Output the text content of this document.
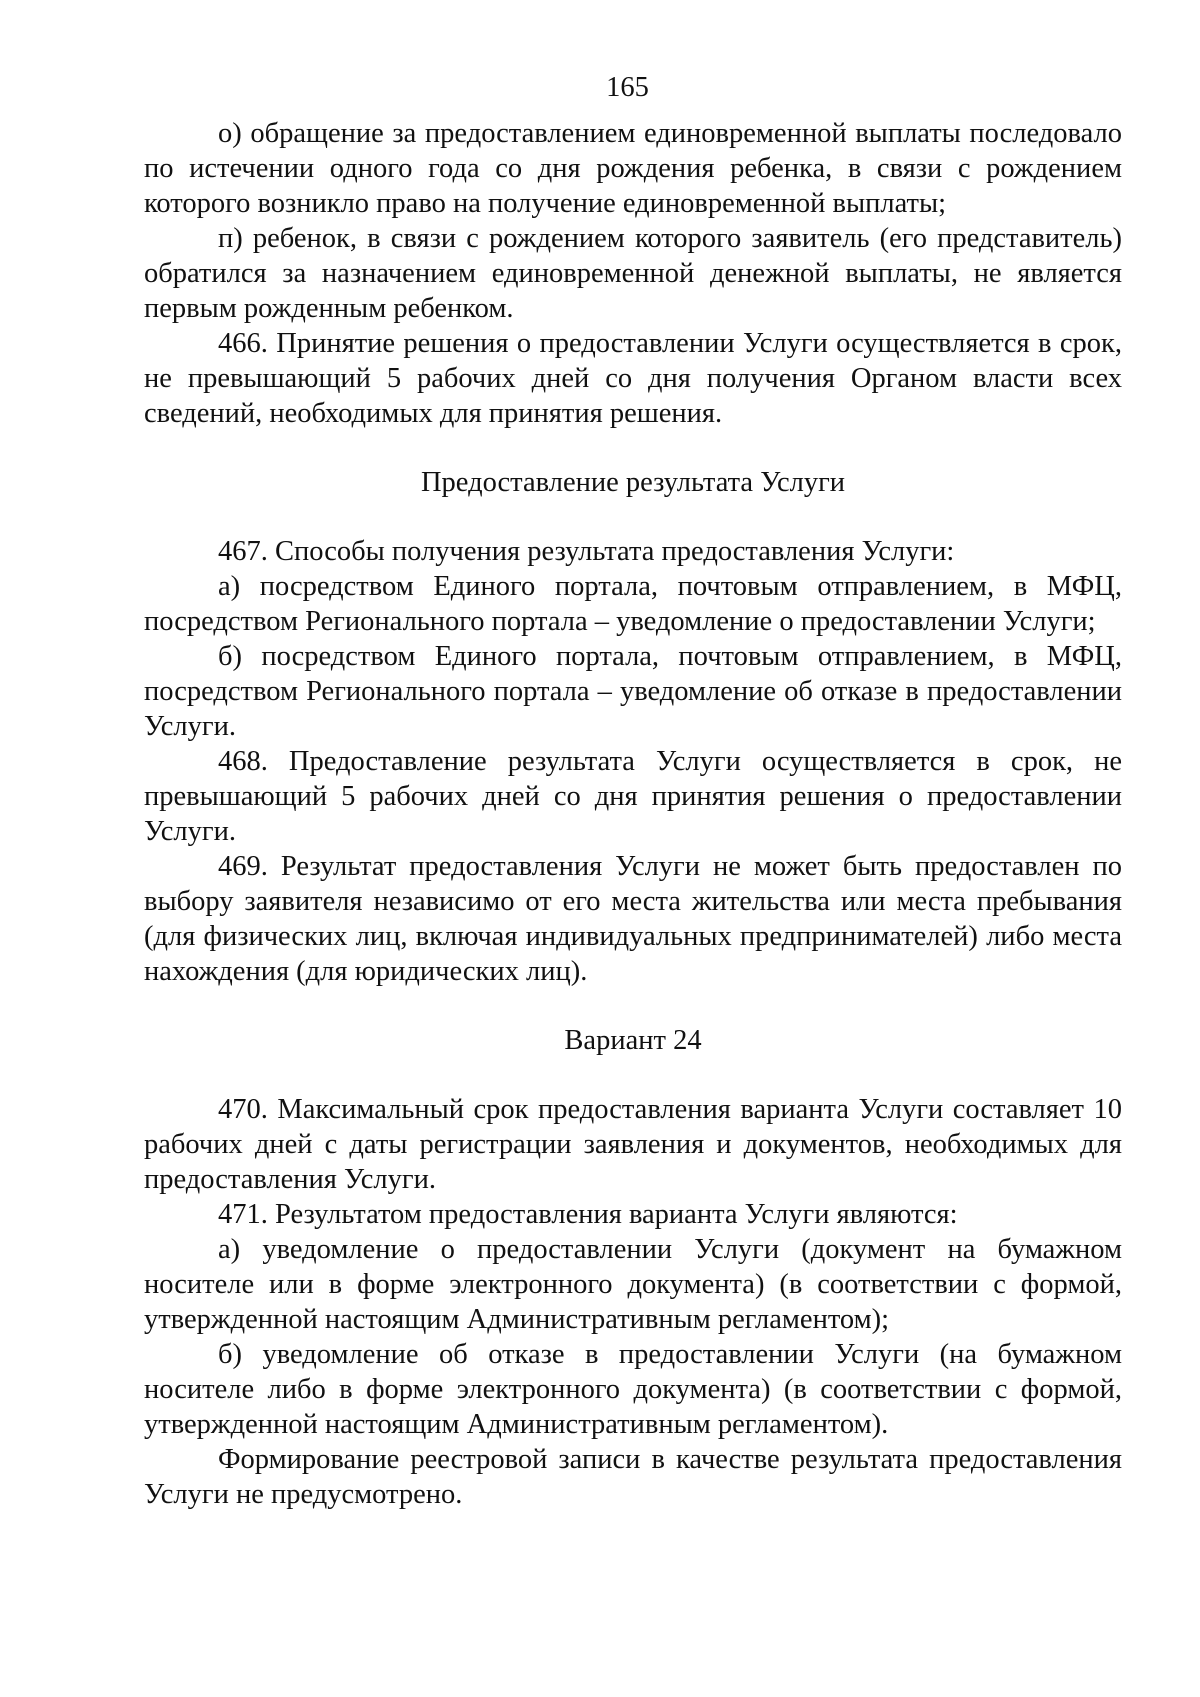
165

о) обращение за предоставлением единовременной выплаты последовало по истечении одного года со дня рождения ребенка, в связи с рождением которого возникло право на получение единовременной выплаты;

п) ребенок, в связи с рождением которого заявитель (его представитель) обратился за назначением единовременной денежной выплаты, не является первым рожденным ребенком.

466. Принятие решения о предоставлении Услуги осуществляется в срок, не превышающий 5 рабочих дней со дня получения Органом власти всех сведений, необходимых для принятия решения.

Предоставление результата Услуги

467. Способы получения результата предоставления Услуги:

а) посредством Единого портала, почтовым отправлением, в МФЦ, посредством Регионального портала – уведомление о предоставлении Услуги;

б) посредством Единого портала, почтовым отправлением, в МФЦ, посредством Регионального портала – уведомление об отказе в предоставлении Услуги.

468. Предоставление результата Услуги осуществляется в срок, не превышающий 5 рабочих дней со дня принятия решения о предоставлении Услуги.

469. Результат предоставления Услуги не может быть предоставлен по выбору заявителя независимо от его места жительства или места пребывания (для физических лиц, включая индивидуальных предпринимателей) либо места нахождения (для юридических лиц).

Вариант 24

470. Максимальный срок предоставления варианта Услуги составляет 10 рабочих дней с даты регистрации заявления и документов, необходимых для предоставления Услуги.

471. Результатом предоставления варианта Услуги являются:

а) уведомление о предоставлении Услуги (документ на бумажном носителе или в форме электронного документа) (в соответствии с формой, утвержденной настоящим Административным регламентом);

б) уведомление об отказе в предоставлении Услуги (на бумажном носителе либо в форме электронного документа) (в соответствии с формой, утвержденной настоящим Административным регламентом).

Формирование реестровой записи в качестве результата предоставления Услуги не предусмотрено.
